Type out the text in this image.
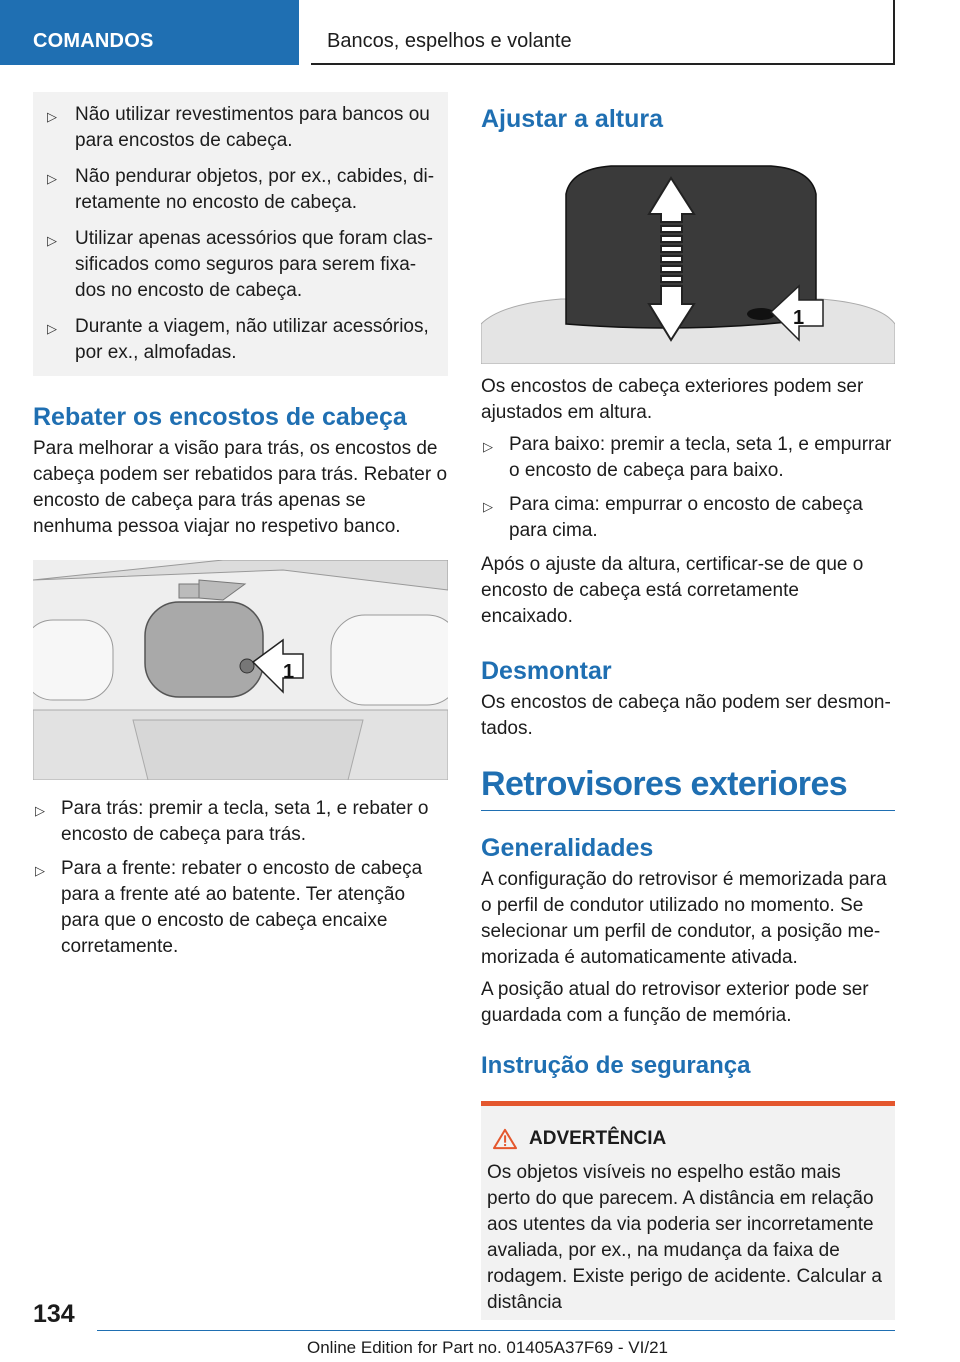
COMANDOS	Bancos, espelhos e volante
▷ Não utilizar revestimentos para bancos ou para encostos de cabeça.
▷ Não pendurar objetos, por ex., cabides, diretamente no encosto de cabeça.
▷ Utilizar apenas acessórios que foram classificados como seguros para serem fixados no encosto de cabeça.
▷ Durante a viagem, não utilizar acessórios, por ex., almofadas.
Rebater os encostos de cabeça

Para melhorar a visão para trás, os encostos de cabeça podem ser rebatidos para trás. Rebater o encosto de cabeça para trás apenas se nenhuma pessoa viajar no respetivo banco.

1
▷ Para trás: premir a tecla, seta 1, e rebater o encosto de cabeça para trás.
▷ Para a frente: rebater o encosto de cabeça para a frente até ao batente. Ter atenção para que o encosto de cabeça encaixe corretamente.
Ajustar a altura
1

Os encostos de cabeça exteriores podem ser ajustados em altura.

▷ Para baixo: premir a tecla, seta 1, e empurrar o encosto de cabeça para baixo.
▷ Para cima: empurrar o encosto de cabeça para cima.

Após o ajuste da altura, certificar-se de que o encosto de cabeça está corretamente encaixado.

Desmontar

Os encostos de cabeça não podem ser desmontados.

Retrovisores exteriores
Generalidades

A configuração do retrovisor é memorizada para o perfil de condutor utilizado no momento. Se selecionar um perfil de condutor, a posição memorizada é automaticamente ativada.

A posição atual do retrovisor exterior pode ser guardada com a função de memória.

Instrução de segurança
ADVERTÊNCIA

Os objetos visíveis no espelho estão mais perto do que parecem. A distância em relação aos utentes da via poderia ser incorretamente avaliada, por ex., na mudança da faixa de rodagem. Existe perigo de acidente. Calcular a distância

134
Online Edition for Part no. 01405A37F69 - VI/21
